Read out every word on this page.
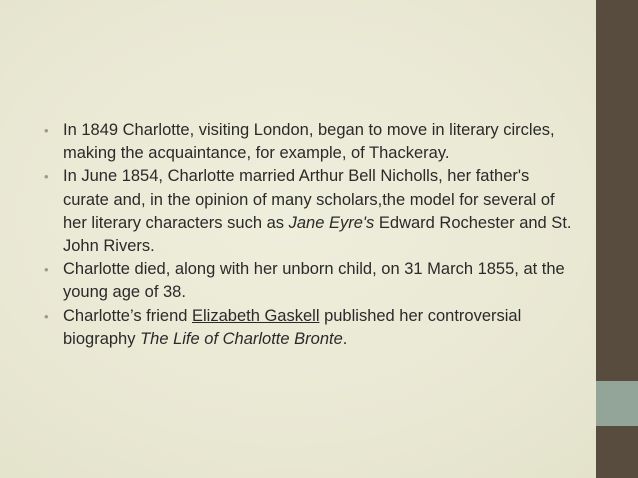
• In 1849 Charlotte, visiting London, began to move in literary circles, making the acquaintance, for example, of Thackeray.
• In June 1854, Charlotte married Arthur Bell Nicholls, her father's curate and, in the opinion of many scholars,the model for several of her literary characters such as Jane Eyre's Edward Rochester and St. John Rivers.
• Charlotte died, along with her unborn child, on 31 March 1855, at the young age of 38.
• Charlotte’s friend Elizabeth Gaskell published her controversial biography The Life of Charlotte Bronte.
